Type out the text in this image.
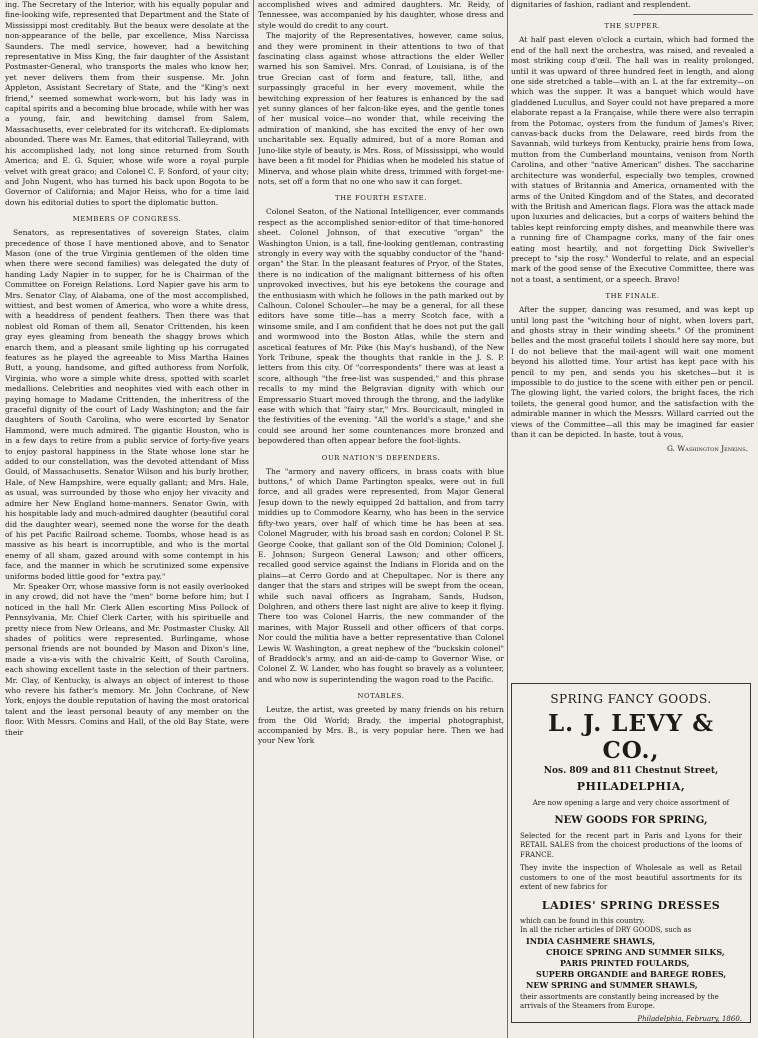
ing. The Secretary of the Interior, with his equally popular and fine-looking wife, represented that Department and the State of Mississippi most creditably. But the beaux were desolate at the non-appearance of the belle, par excellence, Miss Narcissa Saunders. The medl service, however, had a bewitching representative in Miss King, the fair daughter of the Assistant Postmaster-General, who transports the males who know her, yet never delivers them from their suspense. Mr. John Appleton, Assistant Secretary of State, and the "King's next friend," seemed somewhat work-worn, but his lady was in capital spirits and a becoming blue brocade, while with her was a young, fair, and bewitching damsel from Salem, Massachusetts, ever celebrated for its witchcraft. Ex-diplomats abounded. There was Mr. Eames, that editorial Talleyrand, with his accomplished lady, not long since returned from South America; and E. G. Squier, whose wife wore a royal purple velvet with great graco; and Colonel C. F. Sonford, of your city; and John Nugent, who has turned his back upon Bogota to be Governor of California; and Major Heiss, who for a time laid down his editorial duties to sport the diplomatic button.

MEMBERS OF CONGRESS.

Senators, as representatives of sovereign States, claim precedence of those I have mentioned above, and to Senator Mason (one of the true Virginia gentlemen of the olden time when there were second families) was delegated the duty of handing Lady Napier in to supper, for he is Chairman of the Committee on Foreign Relations. Lord Napier gave his arm to Mrs. Senator Clay, of Alabama, one of the most accomplished, wittiest, and best women of America, who wore a white dress, with a headdress of pendent feathers. Then there was that noblest old Roman of them all, Senator Crittenden, his keen gray eyes gleaming from beneath the shaggy brows which enarch them, and a pleasant smile lighting up his corrugated features as he played the agreeable to Miss Martha Haines Butt, a young, handsome, and gifted authoress from Norfolk, Virginia, who wore a simple white dress, spotted with scarlet medallions. Celebrities and neophites vied with each other in paying homage to Madame Crittenden, the inheritress of the graceful dignity of the court of Lady Washington; and the fair daughters of South Carolina, who were escorted by Senator Hammond, were much admired. The gigantic Houston, who is in a few days to retire from a public service of forty-five years to enjoy pastoral happiness in the State whose lone star he added to our constellation, was the devoted attendant of Miss Gould, of Massachusetts. Senator Wilson and his burly brother, Hale, of New Hampshire, were equally gallant; and Mrs. Hale, as usual, was surrounded by those who enjoy her vivacity and admire her New England home-manners. Senator Gwin, with his hospitable lady and much-admired daughter (beautiful coral did the daughter wear), seemed none the worse for the death of his pet Pacific Railroad scheme. Toombs, whose head is as massive as his heart is incorruptible, and who is the mortal enemy of all sham, gazed around with some contempt in his face, and the manner in which he scrutinized some expensive uniforms boded little good for "extra pay."

Mr. Speaker Orr, whose massive form is not easily overlooked in any crowd, did not have the "men" borne before him; but I noticed in the hall Mr. Clerk Allen escorting Miss Pollock of Pennsylvania, Mr. Chief Clerk Carter, with his spirituelle and pretty niece from New Orleans, and Mr. Postmaster Clusky. All shades of politics were represented. Burlingame, whose personal friends are not bounded by Mason and Dixon's line, made a vis-a-vis with the chivalric Keitt, of South Carolina, each showing excellent taste in the selection of their partners. Mr. Clay, of Kentucky, is always an object of interest to those who revere his father's memory. Mr. John Cochrane, of New York, enjoys the double reputation of having the most oratorical talent and the least personal beauty of any member on the floor. With Messrs. Comins and Hall, of the old Bay State, were their

accomplished wives and admired daughters. Mr. Reidy, of Tennessee, was accompanied by his daughter, whose dress and style would do credit to any court.

The majority of the Representatives, however, came solus, and they were prominent in their attentions to two of that fascinating class against whose attractions the elder Weller warned his son Samivel. Mrs. Conrad, of Louisiana, is of the true Grecian cast of form and feature, tall, lithe, and surpassingly graceful in her every movement, while the bewitching expression of her features is enhanced by the sad yet sunny glances of her falcon-like eyes, and the gentle tones of her musical voice—no wonder that, while receiving the admiration of mankind, she has excited the envy of her own uncharitable sex. Equally admired, but of a more Roman and Juno-like style of beauty, is Mrs. Ross, of Mississippi, who would have been a fit model for Phidias when he modeled his statue of Minerva, and whose plain white dress, trimmed with forget-me-nots, set off a form that no one who saw it can forget.

THE FOURTH ESTATE.

Colonel Seaton, of the National Intelligencer, ever commands respect as the accomplished senior-editor of that time-honored sheet. Colonel Johnson, of that executive "organ" the Washington Union, is a tall, fine-looking gentleman, contrasting strongly in every way with the squabby conductor of the "hand-organ" the Star. In the pleasant features of Pryor, of the States, there is no indication of the malignant bitterness of his often unprovoked invectives, but his eye betokens the courage and the enthusiasm with which he follows in the path marked out by Calhoun. Colonel Schouler—he may be a general, for all these editors have some title—has a merry Scotch face, with a winsome smile, and I am confident that he does not put the gall and wormwood into the Boston Atlas, while the stern and ascetical features of Mr. Pike (his May's husband), of the New York Tribune, speak the thoughts that rankle in the J. S. P. letters from this city. Of "correspondents" there was at least a score, although "the free-list was suspended," and this phrase recalls to my mind the Belgravian dignity with which our Empressario Stuart moved through the throng, and the ladylike ease with which that "fairy star," Mrs. Bourcicault, mingled in the festivities of the evening. "All the world's a stage," and she could see around her some countenances more bronzed and bepowdered than often appear before the foot-lights.

OUR NATION'S DEFENDERS.

The "armory and navery officers, in brass coats with blue buttons," of which Dame Partington speaks, were out in full force, and all grades were represented, from Major General Jesup down to the newly equipped 2d battalion, and from tarry middies up to Commodore Kearny, who has been in the service fifty-two years, over half of which time he has been at sea. Colonel Magruder, with his broad sash en cordon; Colonel P. St. George Cooke, that gallant son of the Old Dominion; Colonel J. E. Johnson; Surgeon General Lawson; and other officers, recalled good service against the Indians in Florida and on the plains—at Cerro Gordo and at Chepultapec. Nor is there any danger that the stars and stripes will be swept from the ocean, while such naval officers as Ingraham, Sands, Hudson, Dolghren, and others there last night are alive to keep it flying. There too was Colonel Harris, the new commander of the marines, with Major Russell and other officers of that corps. Nor could the militia have a better representative than Colonel Lewis W. Washington, a great nephew of the "buckskin colonel" of Braddock's army, and an aid-de-camp to Governor Wise, or Colonel Z. W. Lander, who has fought so bravely as a volunteer, and who now is superintending the wagon road to the Pacific.

NOTABLES.

Leutze, the artist, was greeted by many friends on his return from the Old World; Brady, the imperial photographist, accompanied by Mrs. B., is very popular here. Then we had your New York

dignitaries of fashion, radiant and resplendent.

THE SUPPER.

At half past eleven o'clock a curtain, which had formed the end of the hall next the orchestra, was raised, and revealed a most striking coup d'œil. The hall was in reality prolonged, until it was upward of three hundred feet in length, and along one side stretched a table—with an L at the far extremity—on which was the supper. It was a banquet which would have gladdened Lucullus, and Soyer could not have prepared a more elaborate repast a la Française, while there were also terrapin from the Potomac, oysters from the fundum of James's River, canvas-back ducks from the Delaware, reed birds from the Savannah, wild turkeys from Kentucky, prairie hens from Iowa, mutton from the Cumberland mountains, venison from North Carolina, and other "native American" dishes. The saccharine architecture was wonderful, especially two temples, crowned with statues of Britannia and America, ornamented with the arms of the United Kingdom and of the States, and decorated with the British and American flags. Flora was the attack made upon luxuries and delicacies, but a corps of waiters behind the tables kept reinforcing empty dishes, and meanwhile there was a running fire of Champagne corks, many of the fair ones eating most heartily, and not forgetting Dick Swiveller's precept to "sip the rosy." Wonderful to relate, and an especial mark of the good sense of the Executive Committee, there was not a toast, a sentiment, or a speech. Bravo!

THE FINALE.

After the supper, dancing was resumed, and was kept up until long past the "witching hour of night, when lovers part, and ghosts stray in their winding sheets." Of the prominent belles and the most graceful toilets I should here say more, but I do not believe that the mail-agent will wait one moment beyond his allotted time. Your artist has kept pace with his pencil to my pen, and sends you his sketches—but it is impossible to do justice to the scene with either pen or pencil. The glowing light, the varied colors, the bright faces, the rich toilets, the general good humor, and the satisfaction with the admirable manner in which the Messrs. Willard carried out the views of the Committee—all this may be imagined far easier than it can be depicted. In haste, tout à vous,

G. Washington Jenkins.
SPRING FANCY GOODS.
L. J. LEVY & CO.,
Nos. 809 and 811 Chestnut Street,
PHILADELPHIA,
Are now opening a large and very choice assortment of
NEW GOODS FOR SPRING,
Selected for the recent part in Paris and Lyons for their RETAIL SALES from the choicest productions of the looms of FRANCE.
They invite the inspection of Wholesale as well as Retail customers to one of the most beautiful assortments for its extent of new fabrics for
LADIES' SPRING DRESSES
which can be found in this country.
In all the richer articles of DRY GOODS, such as
INDIA CASHMERE SHAWLS,
CHOICE SPRING AND SUMMER SILKS,
PARIS PRINTED FOULARDS,
SUPERB ORGANDIE and BAREGE ROBES,
NEW SPRING and SUMMER SHAWLS,
their assortments are constantly being increased by the arrivals of the Steamers from Europe.
Philadelphia, February, 1860.
